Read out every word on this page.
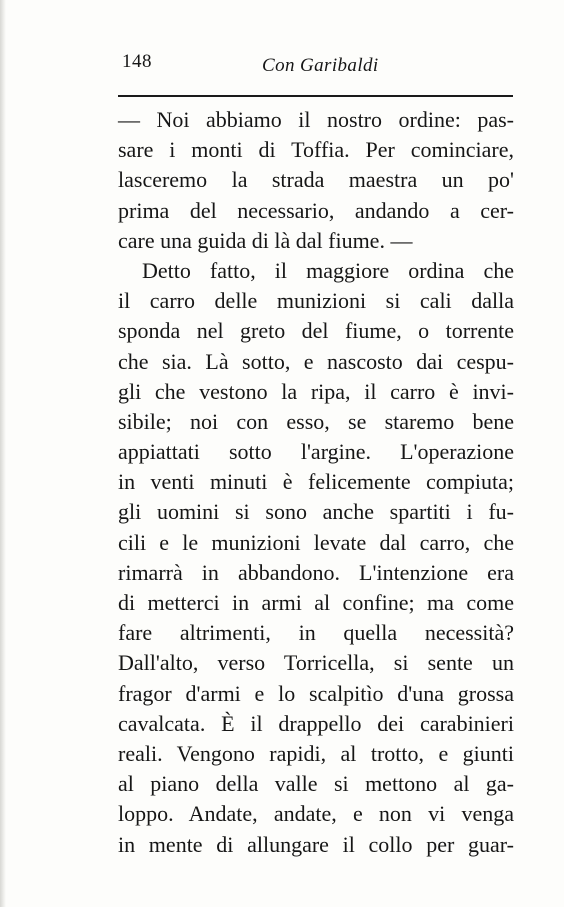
148	Con Garibaldi
— Noi abbiamo il nostro ordine: pas-
sare i monti di Toffia. Per cominciare,
lasceremo la strada maestra un po'
prima del necessario, andando a cer-
care una guida di là dal fiume. —
Detto fatto, il maggiore ordina che
il carro delle munizioni si cali dalla
sponda nel greto del fiume, o torrente
che sia. Là sotto, e nascosto dai cespu-
gli che vestono la ripa, il carro è invi-
sibile; noi con esso, se staremo bene
appiattati sotto l'argine. L'operazione
in venti minuti è felicemente compiuta;
gli uomini si sono anche spartiti i fu-
cili e le munizioni levate dal carro, che
rimarrà in abbandono. L'intenzione era
di metterci in armi al confine; ma come
fare altrimenti, in quella necessità?
Dall'alto, verso Torricella, si sente un
fragor d'armi e lo scalpitìo d'una grossa
cavalcata. È il drappello dei carabinieri
reali. Vengono rapidi, al trotto, e giunti
al piano della valle si mettono al ga-
loppo. Andate, andate, e non vi venga
in mente di allungare il collo per guar-
